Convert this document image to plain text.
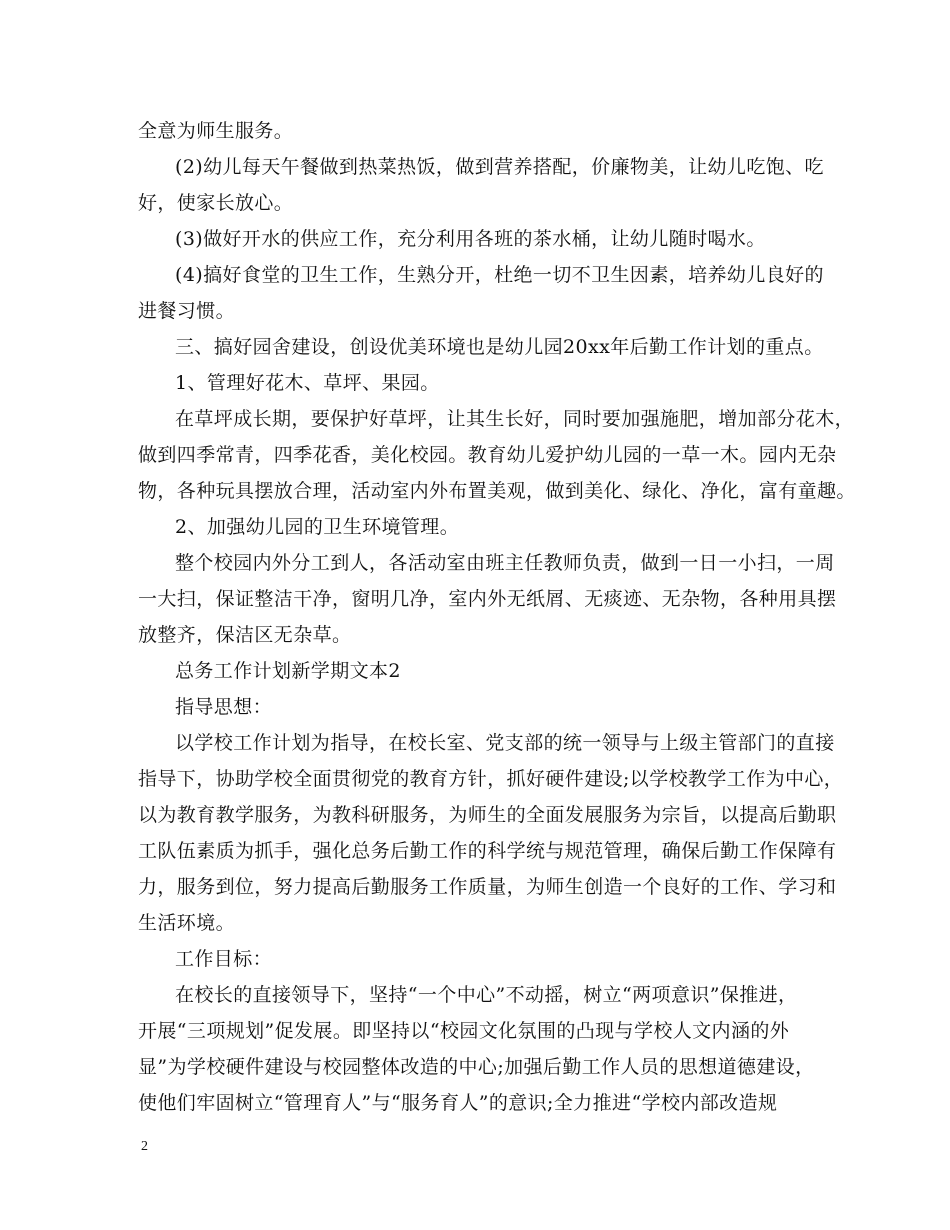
全意为师生服务。
(2)幼儿每天午餐做到热菜热饭，做到营养搭配，价廉物美，让幼儿吃饱、吃
好，使家长放心。
(3)做好开水的供应工作，充分利用各班的茶水桶，让幼儿随时喝水。
(4)搞好食堂的卫生工作，生熟分开，杜绝一切不卫生因素，培养幼儿良好的
进餐习惯。
三、搞好园舍建设，创设优美环境也是幼儿园20xx年后勤工作计划的重点。
1、管理好花木、草坪、果园。
在草坪成长期，要保护好草坪，让其生长好，同时要加强施肥，增加部分花木，
做到四季常青，四季花香，美化校园。教育幼儿爱护幼儿园的一草一木。园内无杂
物，各种玩具摆放合理，活动室内外布置美观，做到美化、绿化、净化，富有童趣。
2、加强幼儿园的卫生环境管理。
整个校园内外分工到人，各活动室由班主任教师负责，做到一日一小扫，一周
一大扫，保证整洁干净，窗明几净，室内外无纸屑、无痰迹、无杂物，各种用具摆
放整齐，保洁区无杂草。
总务工作计划新学期文本2
指导思想：
以学校工作计划为指导，在校长室、党支部的统一领导与上级主管部门的直接
指导下，协助学校全面贯彻党的教育方针，抓好硬件建设;以学校教学工作为中心，
以为教育教学服务，为教科研服务，为师生的全面发展服务为宗旨，以提高后勤职
工队伍素质为抓手，强化总务后勤工作的科学统与规范管理，确保后勤工作保障有
力，服务到位，努力提高后勤服务工作质量，为师生创造一个良好的工作、学习和
生活环境。
工作目标：
在校长的直接领导下，坚持“一个中心”不动摇，树立“两项意识”保推进，
开展“三项规划”促发展。即坚持以“校园文化氛围的凸现与学校人文内涵的外
显”为学校硬件建设与校园整体改造的中心;加强后勤工作人员的思想道德建设，
使他们牢固树立“管理育人”与“服务育人”的意识;全力推进“学校内部改造规
2
